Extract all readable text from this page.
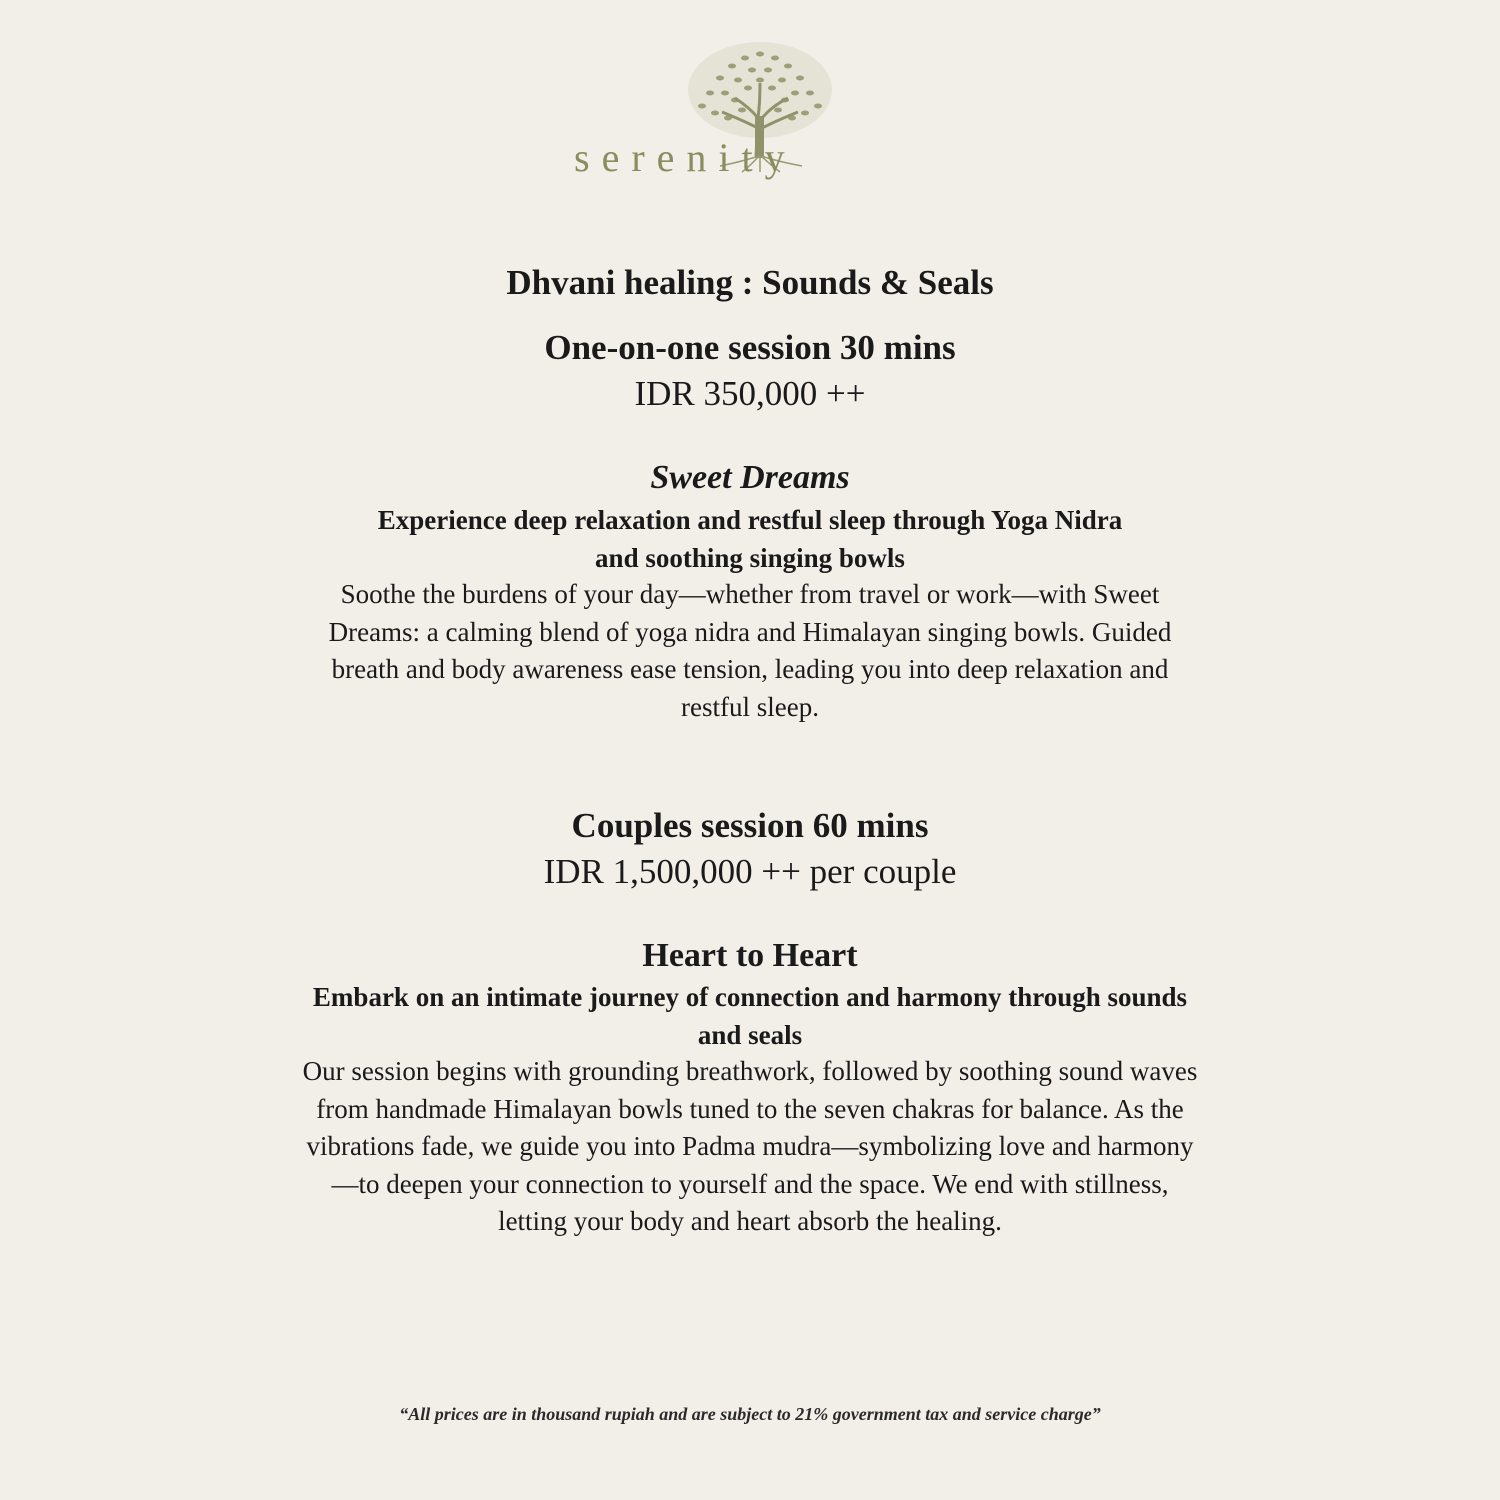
serenity
Dhvani healing : Sounds & Seals
One-on-one session 30 mins
IDR 350,000 ++
Sweet Dreams
Experience deep relaxation and restful sleep through Yoga Nidra
and soothing singing bowls
Soothe the burdens of your day—whether from travel or work—with Sweet
Dreams: a calming blend of yoga nidra and Himalayan singing bowls. Guided
breath and body awareness ease tension, leading you into deep relaxation and
restful sleep.
Couples session 60 mins
IDR 1,500,000 ++ per couple
Heart to Heart
Embark on an intimate journey of connection and harmony through sounds
and seals
Our session begins with grounding breathwork, followed by soothing sound waves
from handmade Himalayan bowls tuned to the seven chakras for balance. As the
vibrations fade, we guide you into Padma mudra—symbolizing love and harmony
—to deepen your connection to yourself and the space. We end with stillness,
letting your body and heart absorb the healing.
“All prices are in thousand rupiah and are subject to 21% government tax and service charge”
